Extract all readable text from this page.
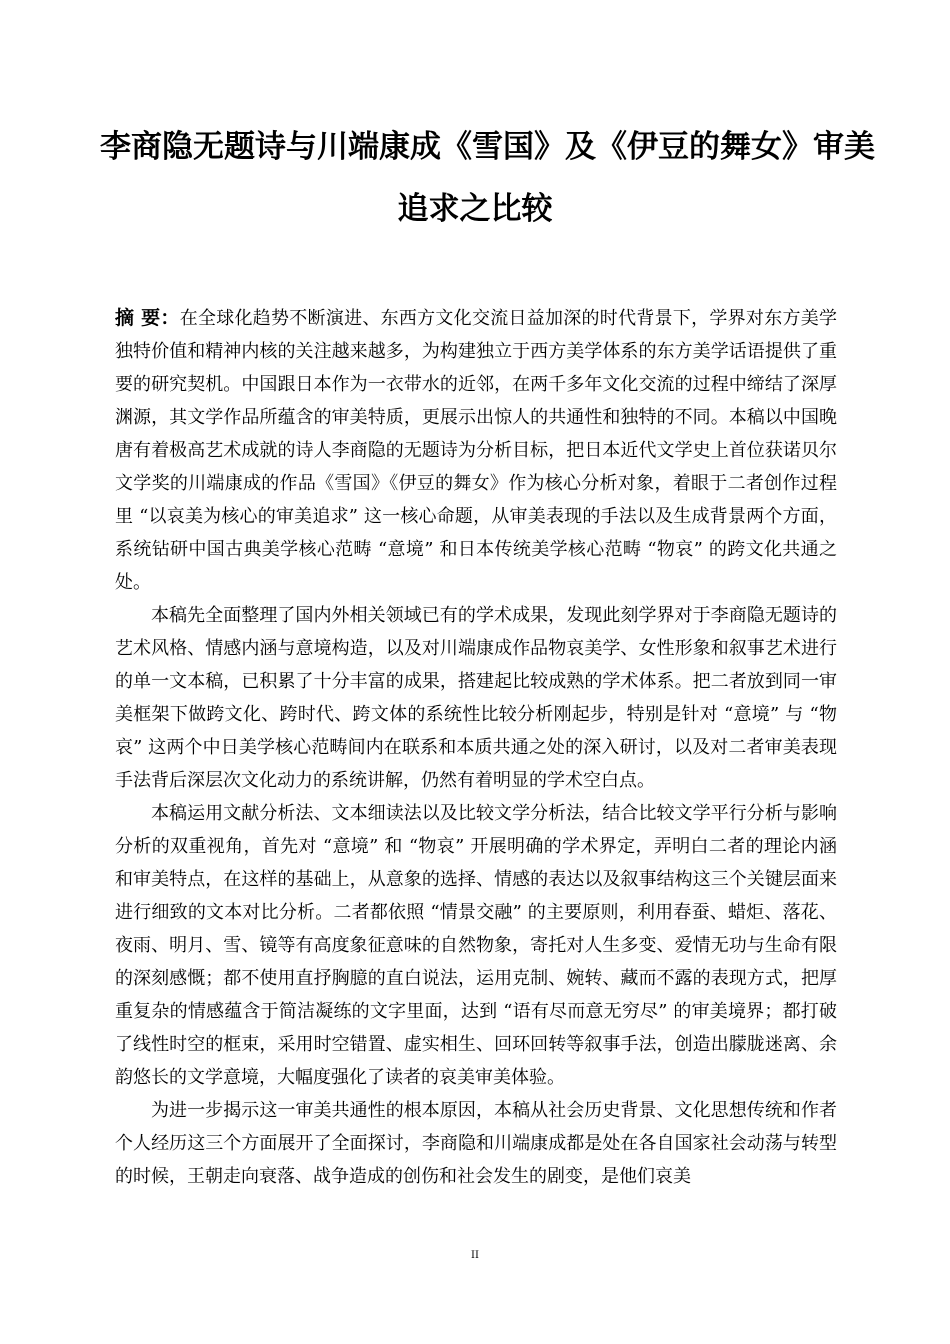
李商隐无题诗与川端康成《雪国》及《伊豆的舞女》审美
追求之比较

摘 要：在全球化趋势不断演进、东西方文化交流日益加深的时代背景下，学界对东方美学独特价值和精神内核的关注越来越多，为构建独立于西方美学体系的东方美学话语提供了重要的研究契机。中国跟日本作为一衣带水的近邻，在两千多年文化交流的过程中缔结了深厚渊源，其文学作品所蕴含的审美特质，更展示出惊人的共通性和独特的不同。本稿以中国晚唐有着极高艺术成就的诗人李商隐的无题诗为分析目标，把日本近代文学史上首位获诺贝尔文学奖的川端康成的作品《雪国》《伊豆的舞女》作为核心分析对象，着眼于二者创作过程里 “以哀美为核心的审美追求” 这一核心命题，从审美表现的手法以及生成背景两个方面，系统钻研中国古典美学核心范畴 “意境” 和日本传统美学核心范畴 “物哀” 的跨文化共通之处。

本稿先全面整理了国内外相关领域已有的学术成果，发现此刻学界对于李商隐无题诗的艺术风格、情感内涵与意境构造，以及对川端康成作品物哀美学、女性形象和叙事艺术进行的单一文本稿，已积累了十分丰富的成果，搭建起比较成熟的学术体系。把二者放到同一审美框架下做跨文化、跨时代、跨文体的系统性比较分析刚起步，特别是针对 “意境” 与 “物哀” 这两个中日美学核心范畴间内在联系和本质共通之处的深入研讨，以及对二者审美表现手法背后深层次文化动力的系统讲解，仍然有着明显的学术空白点。

本稿运用文献分析法、文本细读法以及比较文学分析法，结合比较文学平行分析与影响分析的双重视角，首先对 “意境” 和 “物哀” 开展明确的学术界定，弄明白二者的理论内涵和审美特点，在这样的基础上，从意象的选择、情感的表达以及叙事结构这三个关键层面来进行细致的文本对比分析。二者都依照 “情景交融” 的主要原则，利用春蚕、蜡炬、落花、夜雨、明月、雪、镜等有高度象征意味的自然物象，寄托对人生多变、爱情无功与生命有限的深刻感慨；都不使用直抒胸臆的直白说法，运用克制、婉转、藏而不露的表现方式，把厚重复杂的情感蕴含于简洁凝练的文字里面，达到 “语有尽而意无穷尽” 的审美境界；都打破了线性时空的框束，采用时空错置、虚实相生、回环回转等叙事手法，创造出朦胧迷离、余韵悠长的文学意境，大幅度强化了读者的哀美审美体验。

为进一步揭示这一审美共通性的根本原因，本稿从社会历史背景、文化思想传统和作者个人经历这三个方面展开了全面探讨，李商隐和川端康成都是处在各自国家社会动荡与转型的时候，王朝走向衰落、战争造成的创伤和社会发生的剧变，是他们哀美

II
